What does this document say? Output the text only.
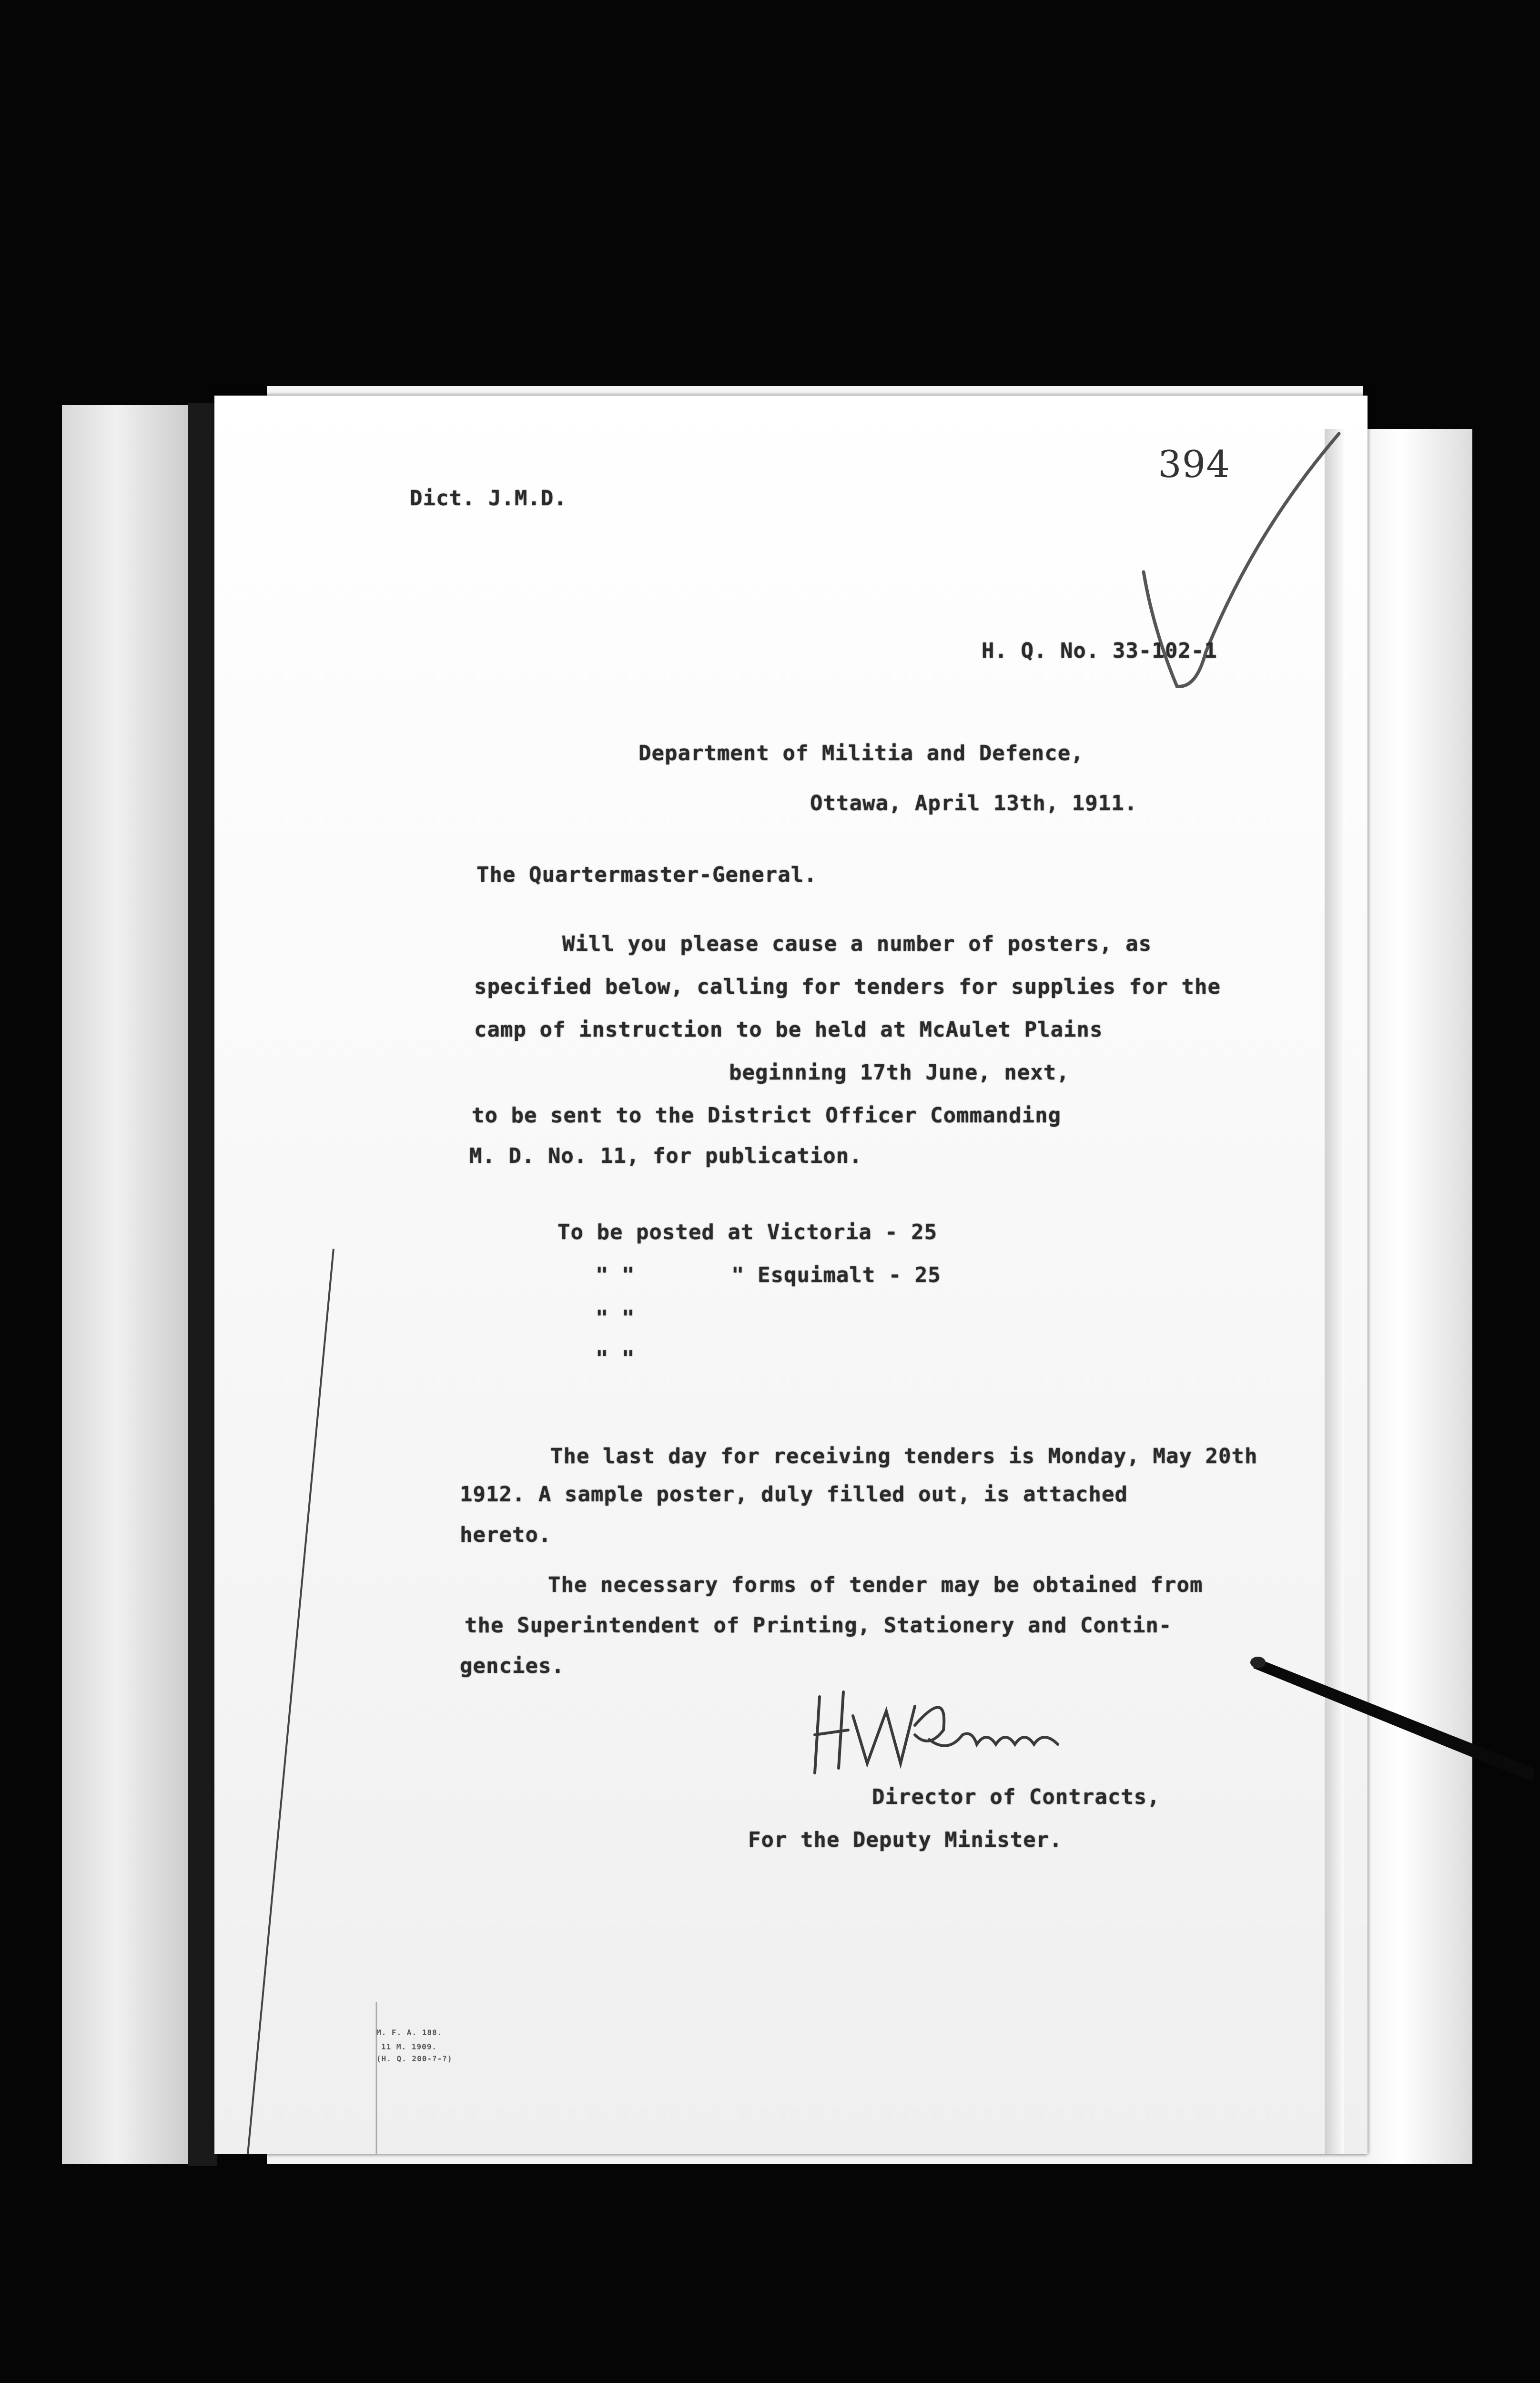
394
Dict. J.M.D.
H. Q. No. 33-102-1
Department of Militia and Defence,
Ottawa, April 13th, 1911.
The Quartermaster-General.
Will you please cause a number of posters, as
specified below, calling for tenders for supplies for the
camp of instruction to be held at McAulet Plains
beginning 17th June, next,
to be sent to the District Officer Commanding
M. D. No. 11, for publication.
To be posted at Victoria - 25
" "	" Esquimalt - 25
" "
" "
The last day for receiving tenders is Monday, May 20th
1912. A sample poster, duly filled out, is attached
hereto.
The necessary forms of tender may be obtained from
the Superintendent of Printing, Stationery and Contin-
gencies.
Director of Contracts,
For the Deputy Minister.
M. F. A. 188.
11 M. 1909.
(H. Q. 200-?-?)
